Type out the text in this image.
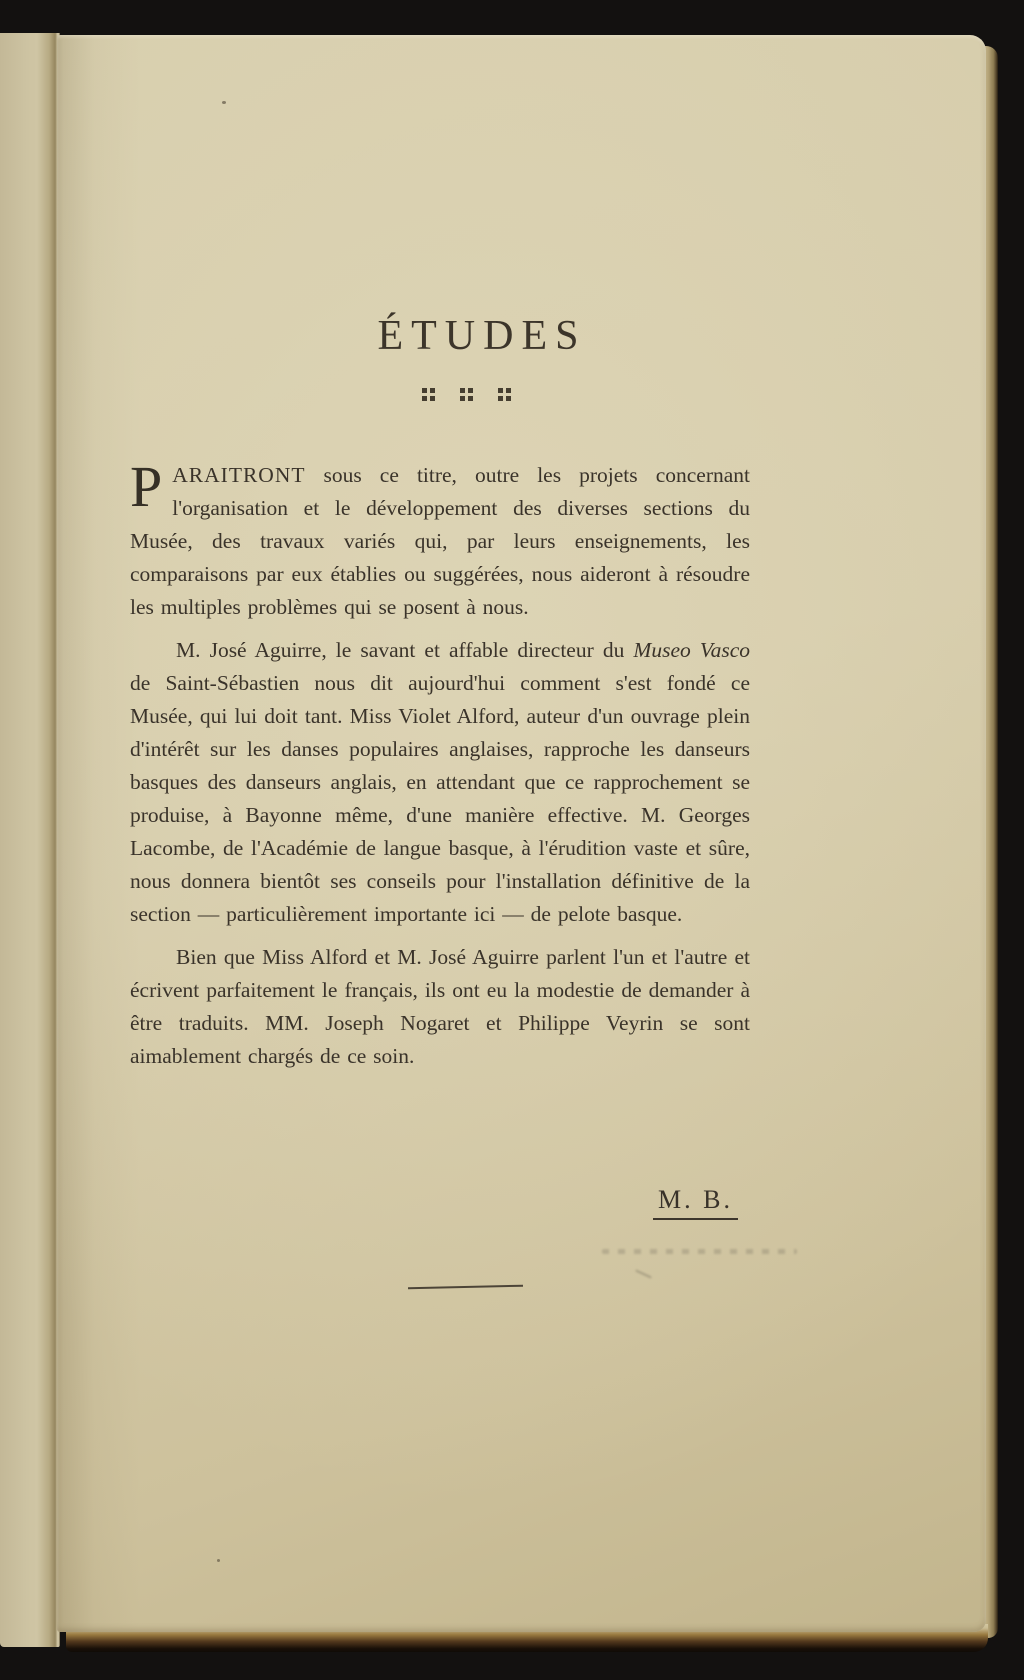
ÉTUDES

PARAITRONT sous ce titre, outre les projets concernant l'organisation et le développement des diverses sections du Musée, des travaux variés qui, par leurs enseignements, les comparaisons par eux établies ou suggérées, nous aideront à résoudre les multiples problèmes qui se posent à nous.

M. José Aguirre, le savant et affable directeur du Museo Vasco de Saint-Sébastien nous dit aujourd'hui comment s'est fondé ce Musée, qui lui doit tant. Miss Violet Alford, auteur d'un ouvrage plein d'intérêt sur les danses populaires anglaises, rapproche les danseurs basques des danseurs anglais, en attendant que ce rapprochement se produise, à Bayonne même, d'une manière effective. M. Georges Lacombe, de l'Académie de langue basque, à l'érudition vaste et sûre, nous donnera bientôt ses conseils pour l'installation définitive de la section — particulièrement importante ici — de pelote basque.

Bien que Miss Alford et M. José Aguirre parlent l'un et l'autre et écrivent parfaitement le français, ils ont eu la modestie de demander à être traduits. MM. Joseph Nogaret et Philippe Veyrin se sont aimablement chargés de ce soin.

M. B.
